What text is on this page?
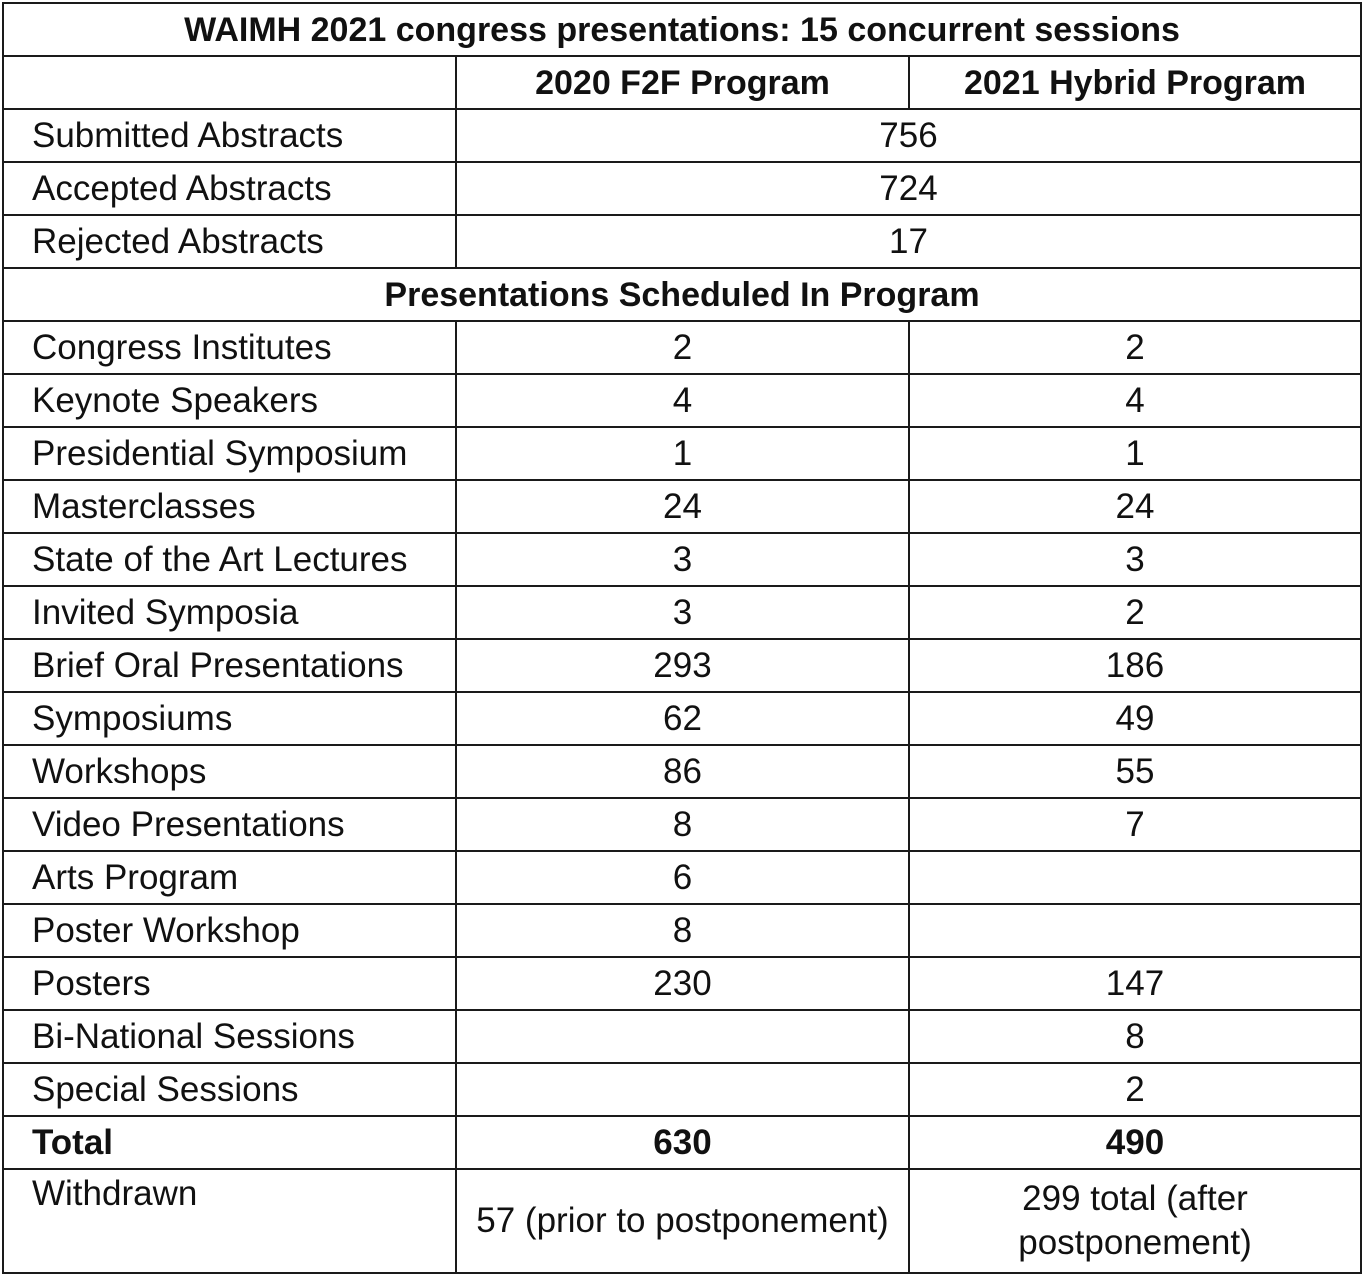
WAIMH 2021 congress presentations: 15 concurrent sessions		
	2020 F2F Program	2021 Hybrid Program
Submitted Abstracts	756	
Accepted Abstracts	724	
Rejected Abstracts	17	
Presentations Scheduled In Program		
Congress Institutes	2	2
Keynote Speakers	4	4
Presidential Symposium	1	1
Masterclasses	24	24
State of the Art Lectures	3	3
Invited Symposia	3	2
Brief Oral Presentations	293	186
Symposiums	62	49
Workshops	86	55
Video Presentations	8	7
Arts Program	6	
Poster Workshop	8	
Posters	230	147
Bi-National Sessions		8
Special Sessions		2
Total	630	490
Withdrawn	57 (prior to postponement)	299 total (after postponement)
